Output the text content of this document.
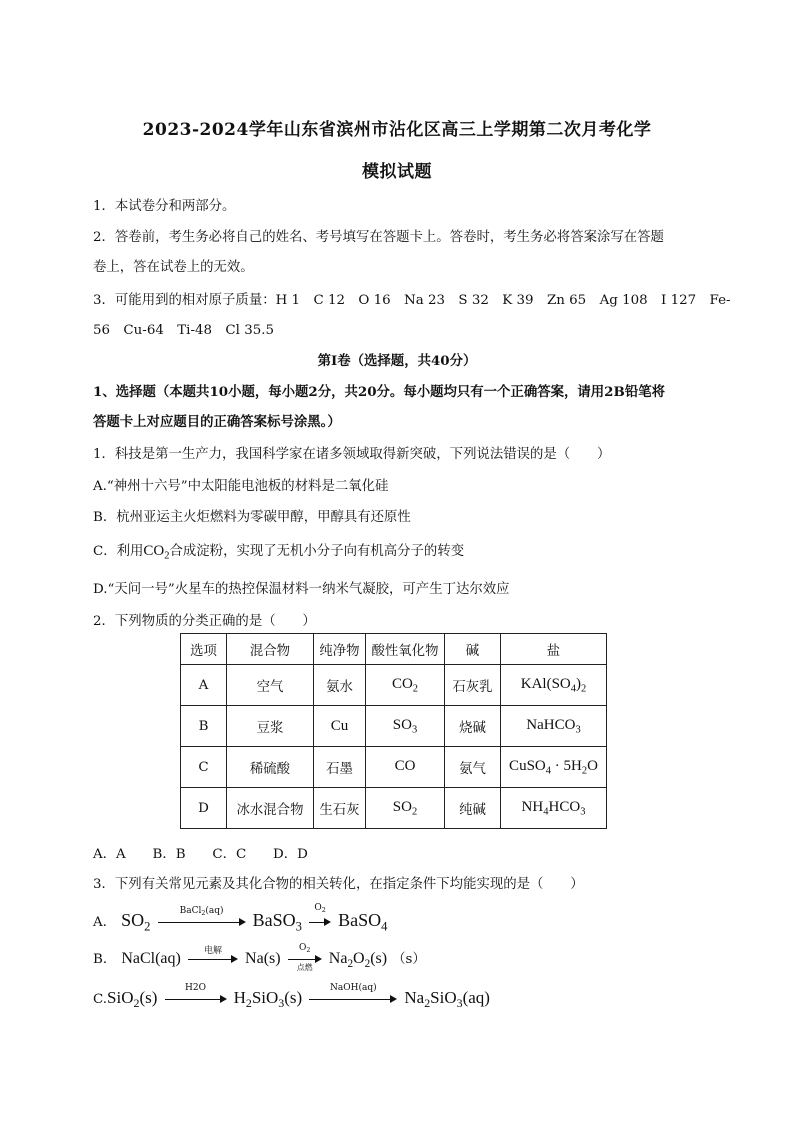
2023-2024学年山东省滨州市沾化区高三上学期第二次月考化学
模拟试题
1．本试卷分和两部分。
2．答卷前，考生务必将自己的姓名、考号填写在答题卡上。答卷时，考生务必将答案涂写在答题
卷上，答在试卷上的无效。
3．可能用到的相对原子质量：H 1　C 12　O 16　Na 23　S 32　K 39　Zn 65　Ag 108　I 127　Fe-
56　Cu-64　Ti-48　Cl 35.5
第Ⅰ卷（选择题，共40分）
1、选择题（本题共10小题，每小题2分，共20分。每小题均只有一个正确答案，请用2B铅笔将
答题卡上对应题目的正确答案标号涂黑。）
1．科技是第一生产力，我国科学家在诸多领域取得新突破，下列说法错误的是（　　）
A.“神州十六号”中太阳能电池板的材料是二氧化硅
B．杭州亚运主火炬燃料为零碳甲醇，甲醇具有还原性
C．利用$CO_2$合成淀粉，实现了无机小分子向有机高分子的转变
D.“天问一号”火星车的热控保温材料一纳米气凝胶，可产生丁达尔效应
2．下列物质的分类正确的是（　　）
选项	混合物	纯净物	酸性氧化物	碱	盐
A	空气	氨水	$CO_2$	石灰乳	$KAl(SO_4)_2$
B	豆浆	Cu	$SO_3$	烧碱	NaHCO$_3$
C	稀硫酸	石墨	CO	氨气	CuSO$_4$ · $5H_2O$
D	冰水混合物	生石灰	$SO_2$	纯碱	$NH_4HCO_3$
A．A　　B．B　　C．C　　D．D
3．下列有关常见元素及其化合物的相关转化，在指定条件下均能实现的是（　　）
A． $SO_2$
BaCl$_2$(aq)	BaSO$_3$
$O_2$ BaSO$_4$
B． NaCl(aq)	电解	Na(s)
$O_2$
点燃	$Na_2O_2(s)$ （s）
C.SiO$_2$(s)
H2O
$H_2SiO_3(s)$
NaOH(aq)
$Na_2SiO_3(aq)$
